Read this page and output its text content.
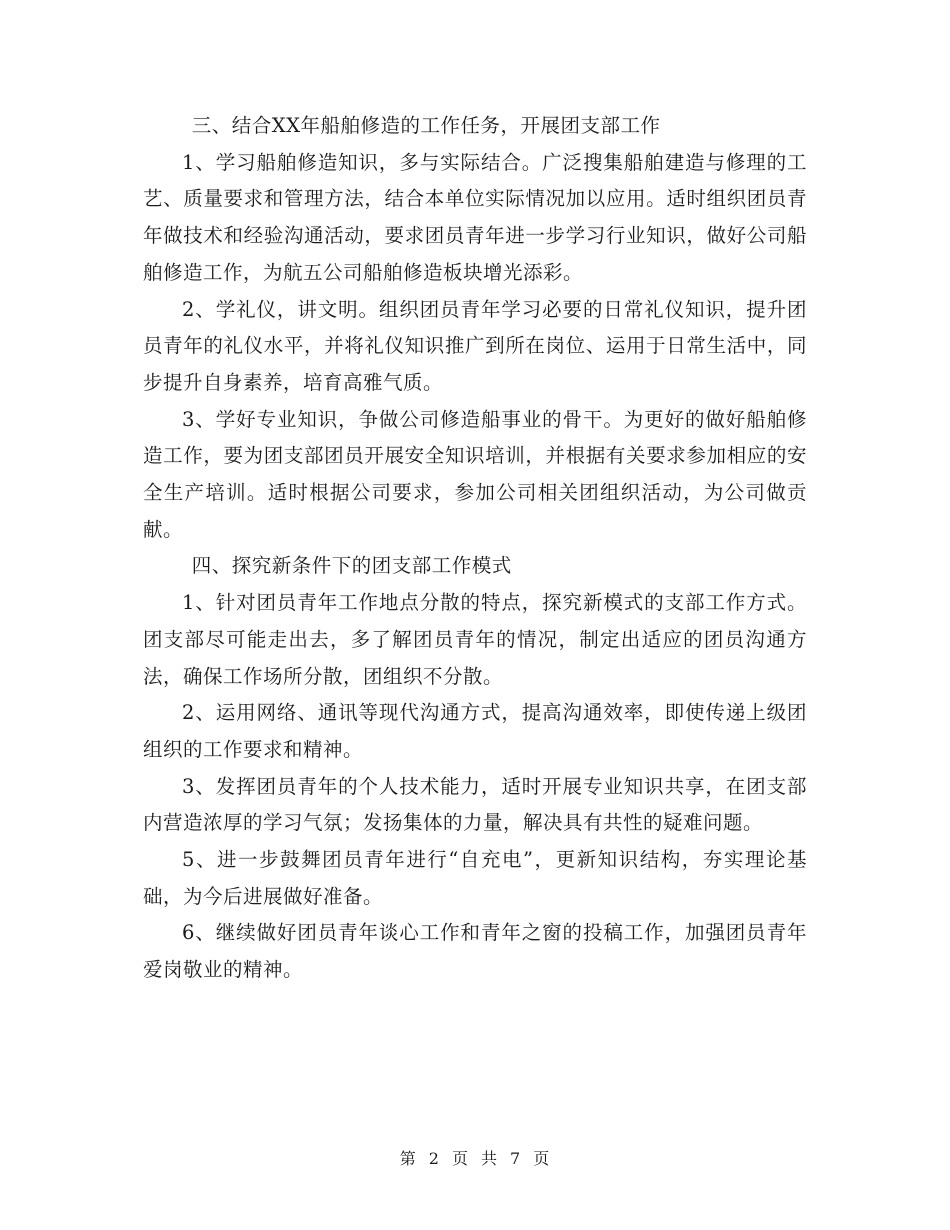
三、结合XX年船舶修造的工作任务，开展团支部工作

1、学习船舶修造知识，多与实际结合。广泛搜集船舶建造与修理的工艺、质量要求和管理方法，结合本单位实际情况加以应用。适时组织团员青年做技术和经验沟通活动，要求团员青年进一步学习行业知识，做好公司船舶修造工作，为航五公司船舶修造板块增光添彩。

2、学礼仪，讲文明。组织团员青年学习必要的日常礼仪知识，提升团员青年的礼仪水平，并将礼仪知识推广到所在岗位、运用于日常生活中，同步提升自身素养，培育高雅气质。

3、学好专业知识，争做公司修造船事业的骨干。为更好的做好船舶修造工作，要为团支部团员开展安全知识培训，并根据有关要求参加相应的安全生产培训。适时根据公司要求，参加公司相关团组织活动，为公司做贡献。

四、探究新条件下的团支部工作模式

1、针对团员青年工作地点分散的特点，探究新模式的支部工作方式。团支部尽可能走出去，多了解团员青年的情况，制定出适应的团员沟通方法，确保工作场所分散，团组织不分散。

2、运用网络、通讯等现代沟通方式，提高沟通效率，即使传递上级团组织的工作要求和精神。

3、发挥团员青年的个人技术能力，适时开展专业知识共享，在团支部内营造浓厚的学习气氛；发扬集体的力量，解决具有共性的疑难问题。

5、进一步鼓舞团员青年进行“自充电”，更新知识结构，夯实理论基础，为今后进展做好准备。

6、继续做好团员青年谈心工作和青年之窗的投稿工作，加强团员青年爱岗敬业的精神。

第 2 页 共 7 页
